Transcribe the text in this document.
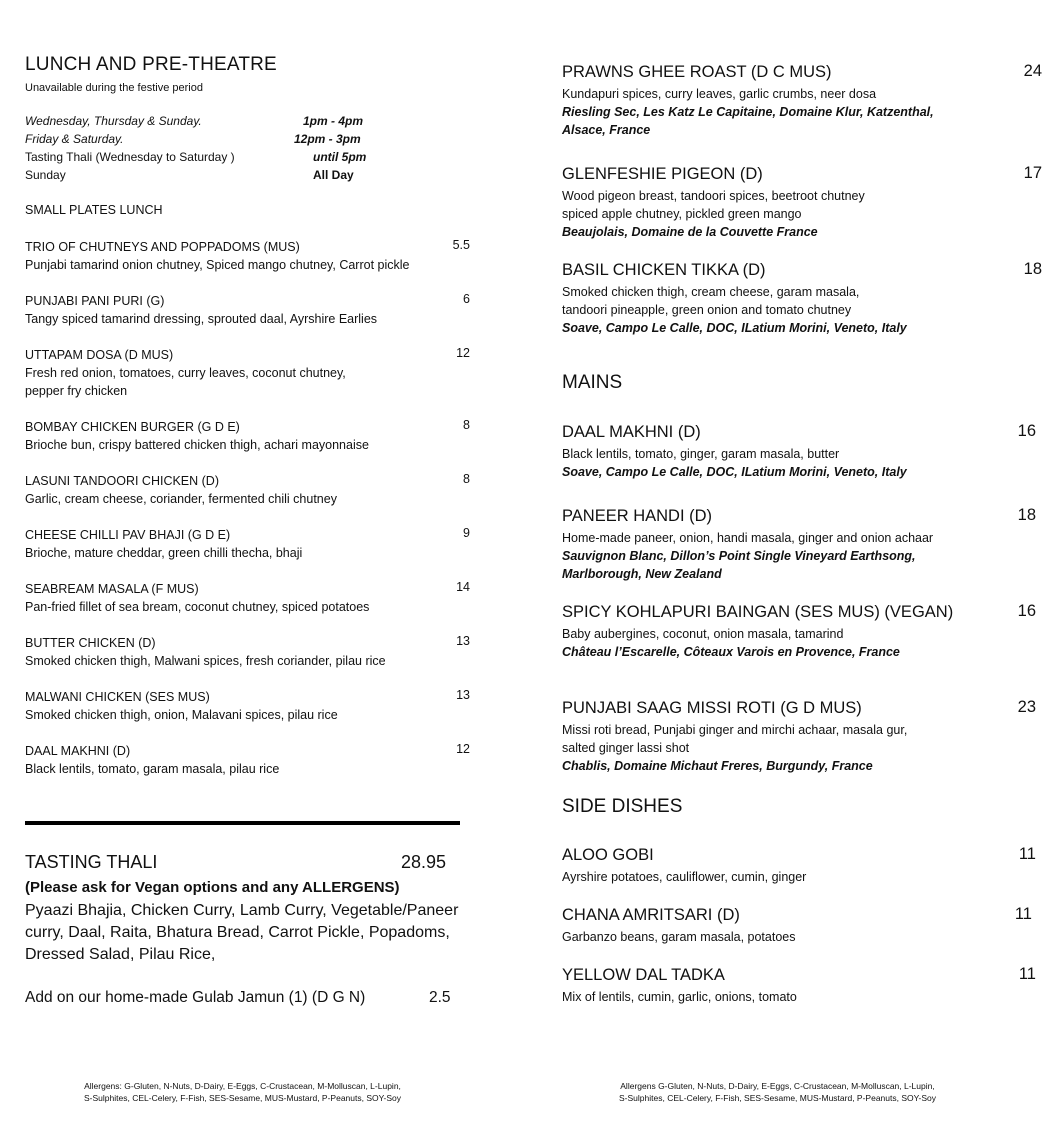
LUNCH AND PRE-THEATRE
Unavailable during the festive period
Wednesday, Thursday & Sunday.	1pm - 4pm
Friday & Saturday.	12pm - 3pm
Tasting Thali (Wednesday to Saturday )	until 5pm
Sunday	All Day
SMALL PLATES LUNCH
TRIO OF CHUTNEYS AND POPPADOMS (MUS)
Punjabi tamarind onion chutney, Spiced mango chutney, Carrot pickle
5.5
PUNJABI PANI PURI (G)
Tangy spiced tamarind dressing, sprouted daal, Ayrshire Earlies
6
UTTAPAM DOSA (D MUS)
Fresh red onion, tomatoes, curry leaves, coconut chutney,
pepper fry chicken
12
BOMBAY CHICKEN BURGER (G D E)
Brioche bun, crispy battered chicken thigh, achari mayonnaise
8
LASUNI TANDOORI CHICKEN (D)
Garlic, cream cheese, coriander, fermented chili chutney
8
CHEESE CHILLI PAV BHAJI (G D E)
Brioche, mature cheddar, green chilli thecha, bhaji
9
SEABREAM MASALA (F MUS)
Pan-fried fillet of sea bream, coconut chutney, spiced potatoes
14
BUTTER CHICKEN (D)
Smoked chicken thigh, Malwani spices, fresh coriander, pilau rice
13
MALWANI CHICKEN (SES MUS)
Smoked chicken thigh, onion, Malavani spices, pilau rice
13
DAAL MAKHNI (D)
Black lentils, tomato, garam masala, pilau rice
12
TASTING THALI	28.95
(Please ask for Vegan options and any ALLERGENS)
Pyaazi Bhajia, Chicken Curry, Lamb Curry, Vegetable/Paneer
curry, Daal, Raita, Bhatura Bread, Carrot Pickle, Popadoms,
Dressed Salad, Pilau Rice,
Add on our home-made Gulab Jamun (1) (D G N)	2.5
Allergens: G-Gluten, N-Nuts, D-Dairy, E-Eggs, C-Crustacean, M-Molluscan, L-Lupin,
S-Sulphites, CEL-Celery, F-Fish, SES-Sesame, MUS-Mustard, P-Peanuts, SOY-Soy
PRAWNS GHEE ROAST (D C MUS)
Kundapuri spices, curry leaves, garlic crumbs, neer dosa
Riesling Sec, Les Katz Le Capitaine, Domaine Klur, Katzenthal,
Alsace, France
24
GLENFESHIE PIGEON (D)
Wood pigeon breast, tandoori spices, beetroot chutney
spiced apple chutney, pickled green mango
Beaujolais, Domaine de la Couvette France
17
BASIL CHICKEN TIKKA (D)
Smoked chicken thigh, cream cheese, garam masala,
tandoori pineapple, green onion and tomato chutney
Soave, Campo Le Calle, DOC, ILatium Morini, Veneto, Italy
18
MAINS
DAAL MAKHNI (D)
Black lentils, tomato, ginger, garam masala, butter
Soave, Campo Le Calle, DOC, ILatium Morini, Veneto, Italy
16
PANEER HANDI (D)
Home-made paneer, onion, handi masala, ginger and onion achaar
Sauvignon Blanc, Dillon’s Point Single Vineyard Earthsong,
Marlborough, New Zealand
18
SPICY KOHLAPURI BAINGAN (SES MUS) (VEGAN)
Baby aubergines, coconut, onion masala, tamarind
Château l’Escarelle, Côteaux Varois en Provence, France
16
PUNJABI SAAG MISSI ROTI (G D MUS)
Missi roti bread, Punjabi ginger and mirchi achaar, masala gur,
salted ginger lassi shot
Chablis, Domaine Michaut Freres, Burgundy, France
23
SIDE DISHES
ALOO GOBI
Ayrshire potatoes, cauliflower, cumin, ginger
11
CHANA AMRITSARI (D)
Garbanzo beans, garam masala, potatoes
11
YELLOW DAL TADKA
Mix of lentils, cumin, garlic, onions, tomato
11
Allergens G-Gluten, N-Nuts, D-Dairy, E-Eggs, C-Crustacean, M-Molluscan, L-Lupin,
S-Sulphites, CEL-Celery, F-Fish, SES-Sesame, MUS-Mustard, P-Peanuts, SOY-Soy
